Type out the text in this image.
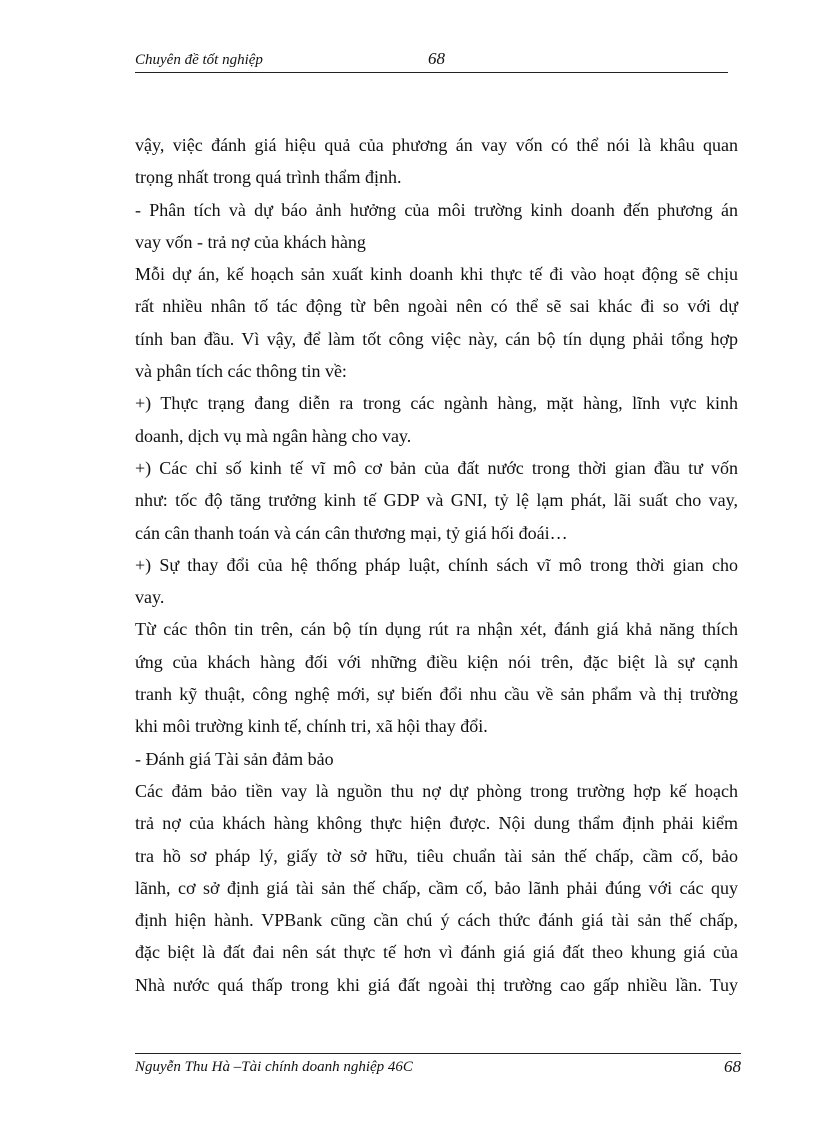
Chuyên đề tốt nghiệp	68
vậy, việc đánh giá hiệu quả của phương án vay vốn có thể nói là khâu quan
trọng nhất trong quá trình thẩm định.
- Phân tích và dự báo ảnh hưởng của môi trường kinh doanh đến phương án
vay vốn - trả nợ của khách hàng
Mỗi dự án, kế hoạch sản xuất kinh doanh khi thực tế đi vào hoạt động sẽ chịu
rất nhiều nhân tố tác động từ bên ngoài nên có thể sẽ sai khác đi so với dự
tính ban đầu. Vì vậy, để làm tốt công việc này, cán bộ tín dụng phải tổng hợp
và phân tích các thông tin về:
+) Thực trạng đang diễn ra trong các ngành hàng, mặt hàng, lĩnh vực kinh
doanh, dịch vụ mà ngân hàng cho vay.
+) Các chỉ số kinh tế vĩ mô cơ bản của đất nước trong thời gian đầu tư vốn
như: tốc độ tăng trưởng kinh tế GDP và GNI, tỷ lệ lạm phát, lãi suất cho vay,
cán cân thanh toán và cán cân thương mại, tỷ giá hối đoái…
+) Sự thay đổi của hệ thống pháp luật, chính sách vĩ mô trong thời gian cho
vay.
Từ các thôn tin trên, cán bộ tín dụng rút ra nhận xét, đánh giá khả năng thích
ứng của khách hàng đối với những điều kiện nói trên, đặc biệt là sự cạnh
tranh kỹ thuật, công nghệ mới, sự biến đổi nhu cầu về sản phẩm và thị trường
khi môi trường kinh tế, chính tri, xã hội thay đổi.
- Đánh giá Tài sản đảm bảo
Các đảm bảo tiền vay là nguồn thu nợ dự phòng trong trường hợp kế hoạch
trả nợ của khách hàng không thực hiện được. Nội dung thẩm định phải kiểm
tra hồ sơ pháp lý, giấy tờ sở hữu, tiêu chuẩn tài sản thế chấp, cầm cố, bảo
lãnh, cơ sở định giá tài sản thế chấp, cầm cố, bảo lãnh phải đúng với các quy
định hiện hành. VPBank cũng cần chú ý cách thức đánh giá tài sản thế chấp,
đặc biệt là đất đai nên sát thực tế hơn vì đánh giá giá đất theo khung giá của
Nhà nước quá thấp trong khi giá đất ngoài thị trường cao gấp nhiều lần. Tuy
Nguyễn Thu Hà –Tài chính doanh nghiệp 46C	68
